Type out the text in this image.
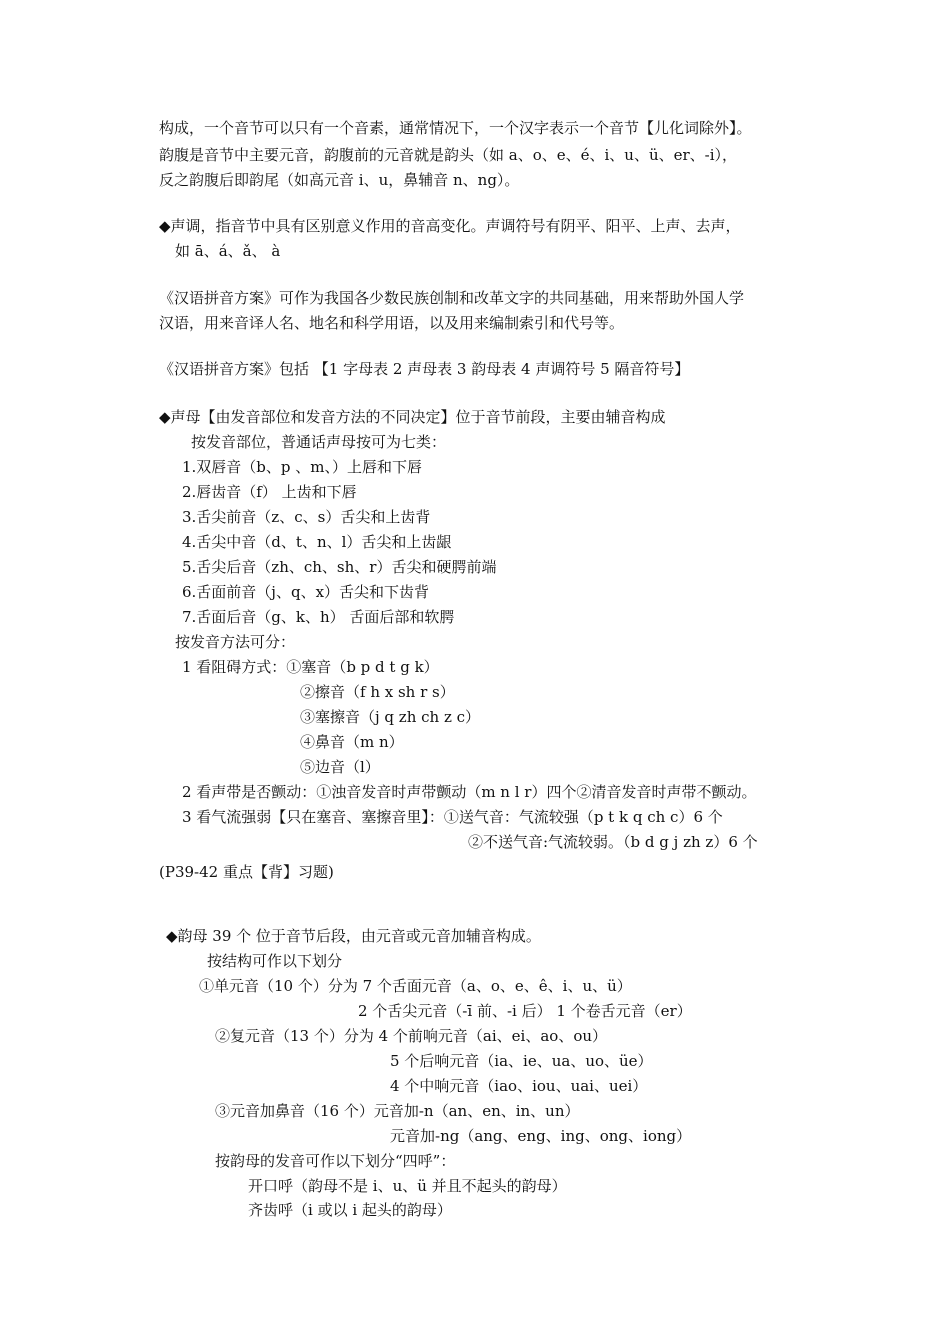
构成，一个音节可以只有一个音素，通常情况下，一个汉字表示一个音节【儿化词除外】。
韵腹是音节中主要元音，韵腹前的元音就是韵头（如 a、o、e、é、i、u、ü、er、-i），
反之韵腹后即韵尾（如高元音 i、u，鼻辅音 n、ng）。
◆声调，指音节中具有区别意义作用的音高变化。声调符号有阴平、阳平、上声、去声，
如 ā、á、ǎ、 à
《汉语拼音方案》可作为我国各少数民族创制和改革文字的共同基础，用来帮助外国人学
汉语，用来音译人名、地名和科学用语，以及用来编制索引和代号等。
《汉语拼音方案》包括 【1 字母表 2 声母表 3 韵母表 4 声调符号 5 隔音符号】
◆声母【由发音部位和发音方法的不同决定】位于音节前段，主要由辅音构成
按发音部位，普通话声母按可为七类：
1.双唇音（b、p 、m、）上唇和下唇
2.唇齿音（f） 上齿和下唇
3.舌尖前音（z、c、s）舌尖和上齿背
4.舌尖中音（d、t、n、l）舌尖和上齿龈
5.舌尖后音（zh、ch、sh、r）舌尖和硬腭前端
6.舌面前音（j、q、x）舌尖和下齿背
7.舌面后音（g、k、h） 舌面后部和软腭
按发音方法可分：
1 看阻碍方式：①塞音（b p d t g k）
②擦音（f h x sh r s）
③塞擦音（j q zh ch z c）
④鼻音（m n）
⑤边音（l）
2 看声带是否颤动：①浊音发音时声带颤动（m n l r）四个②清音发音时声带不颤动。
3 看气流强弱【只在塞音、塞擦音里】：①送气音：气流较强（p t k q ch c）6 个
②不送气音:气流较弱。（b d g j zh z）6 个
(P39-42 重点【背】习题)
◆韵母 39 个 位于音节后段，由元音或元音加辅音构成。
按结构可作以下划分
①单元音（10 个）分为 7 个舌面元音（a、o、e、ê、i、u、ü）
2 个舌尖元音（-ī 前、-i 后） 1 个卷舌元音（er）
②复元音（13 个）分为 4 个前响元音（ai、ei、ao、ou）
5 个后响元音（ia、ie、ua、uo、üe）
4 个中响元音（iao、iou、uai、uei）
③元音加鼻音（16 个）元音加-n（an、en、in、un）
元音加-ng（ang、eng、ing、ong、iong）
按韵母的发音可作以下划分“四呼”：
开口呼（韵母不是 i、u、ü 并且不起头的韵母）
齐齿呼（i 或以 i 起头的韵母）
